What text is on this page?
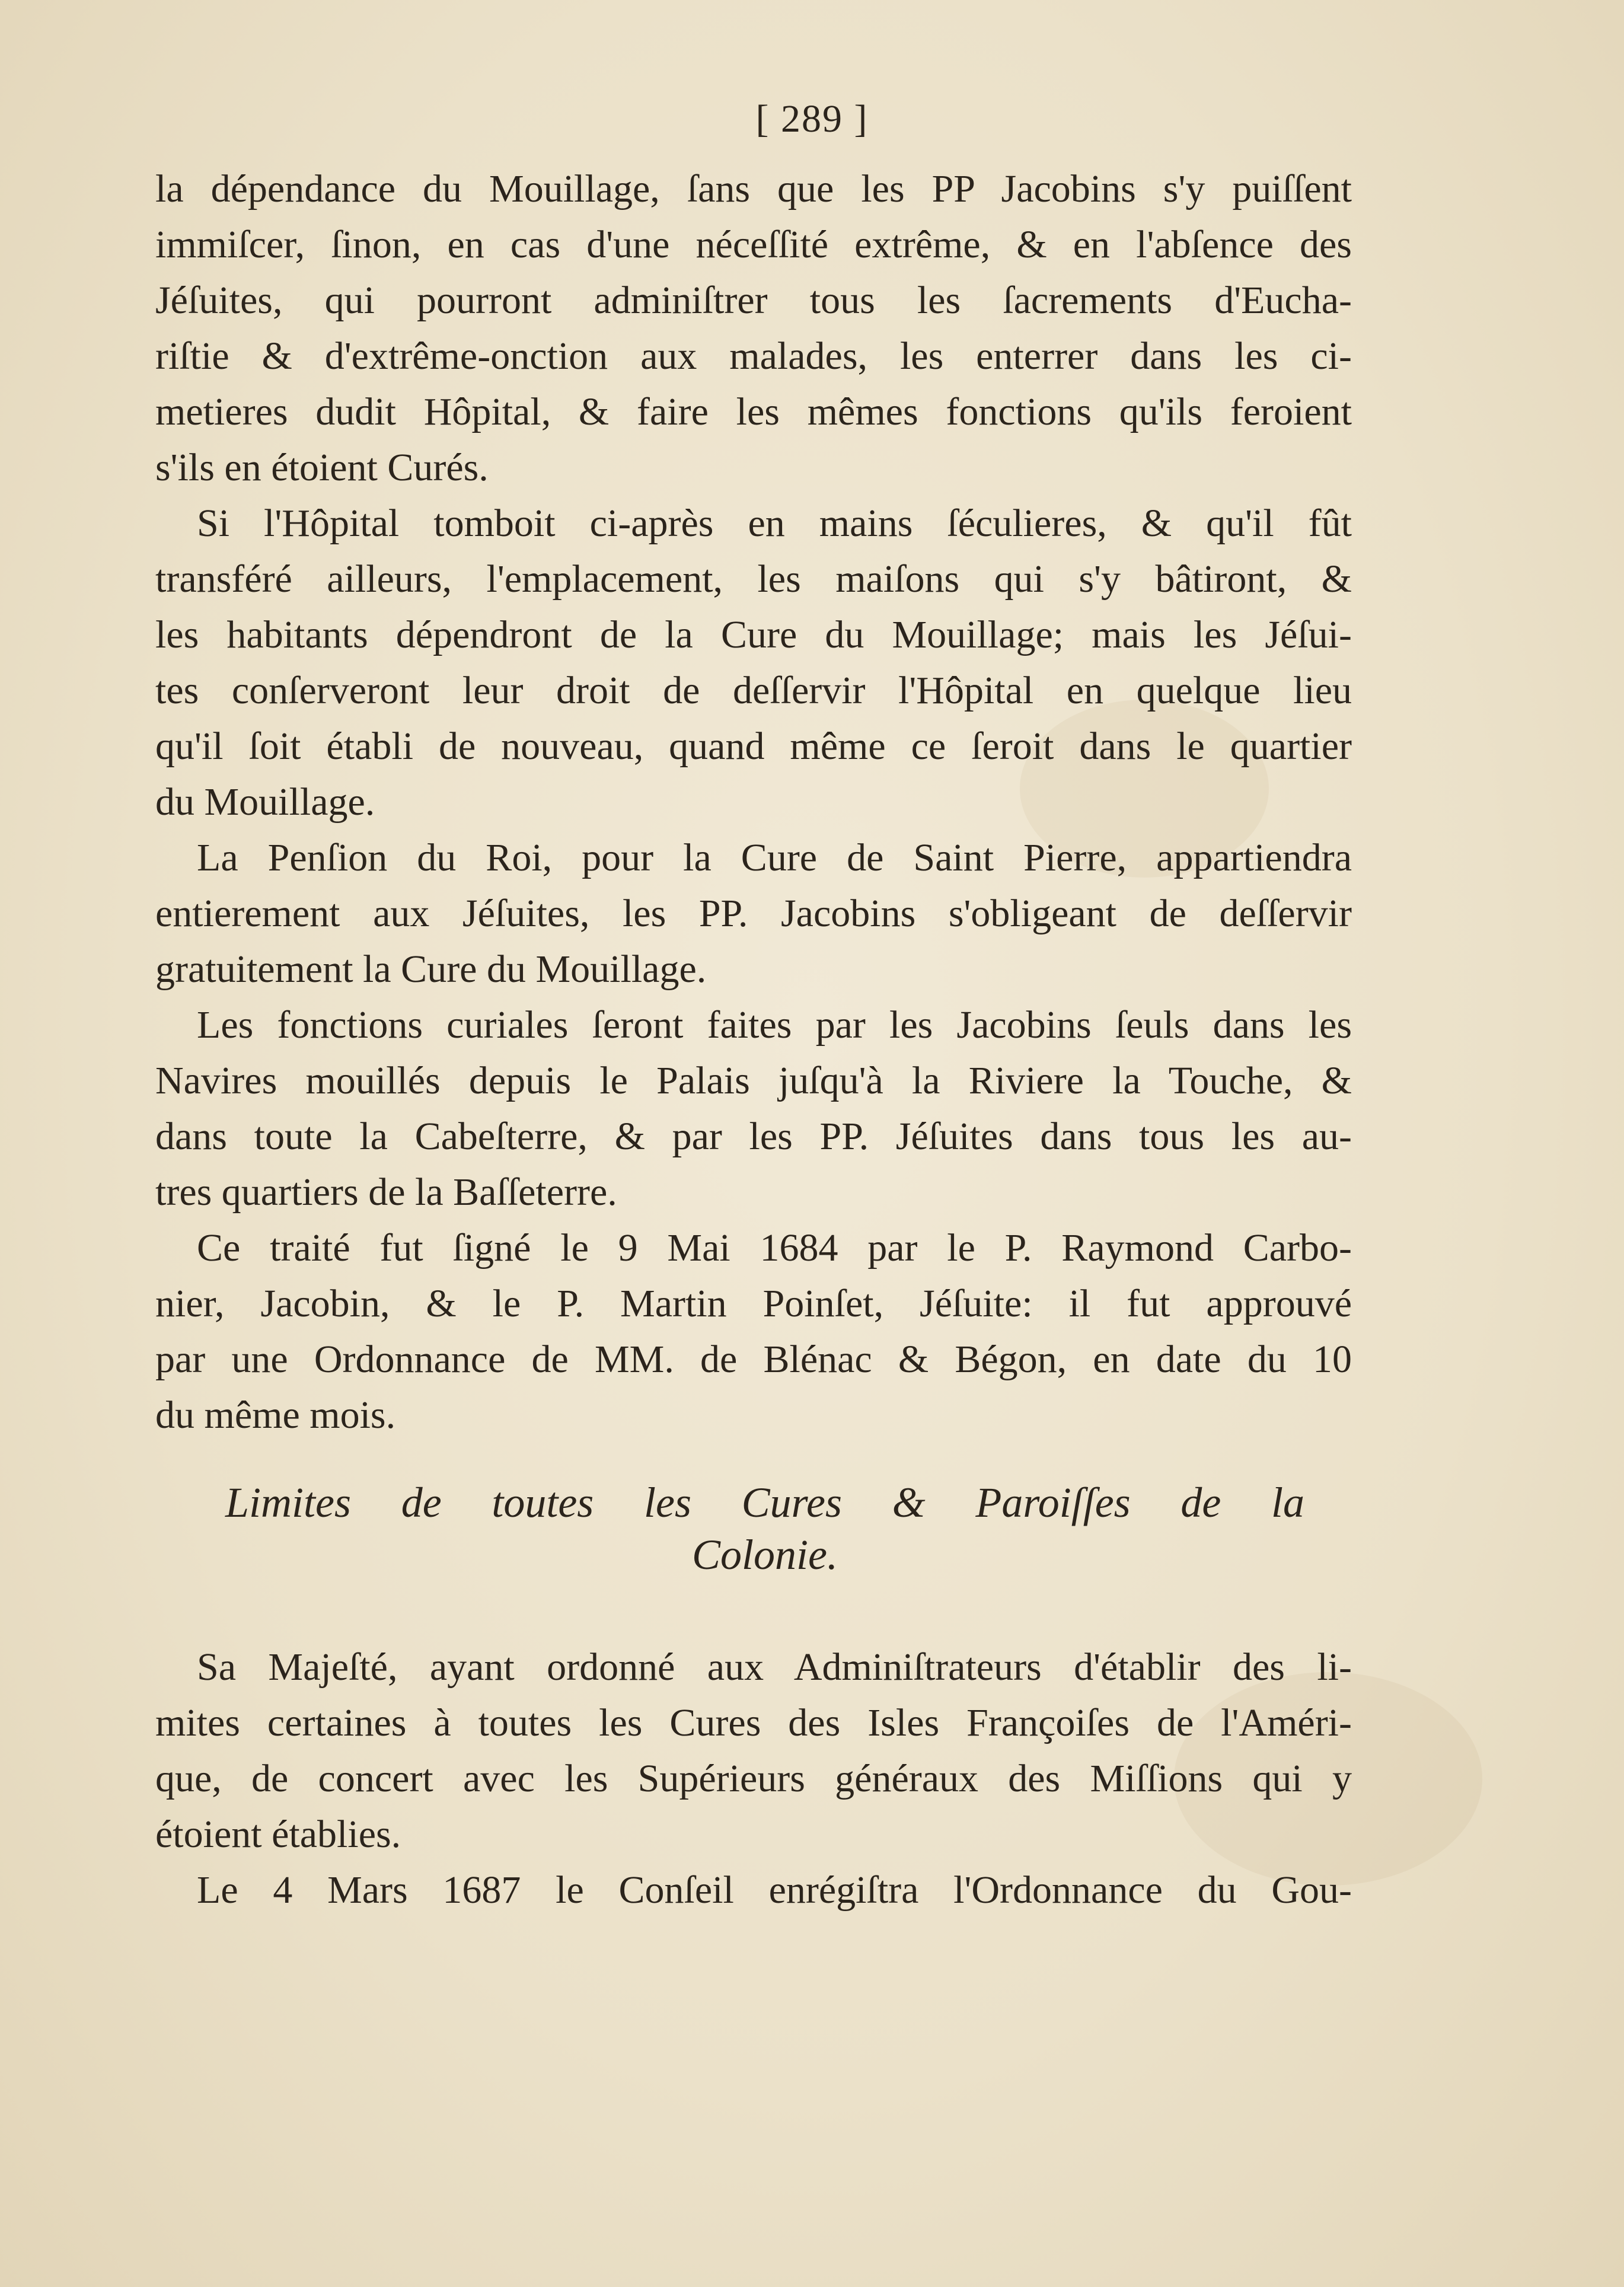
[ 289 ]
la dépendance du Mouillage, ſans que les PP Jacobins s'y puiſſent
immiſcer, ſinon, en cas d'une néceſſité extrême, & en l'abſence des
Jéſuites, qui pourront adminiſtrer tous les ſacrements d'Eucha-
riſtie & d'extrême-onction aux malades, les enterrer dans les ci-
metieres dudit Hôpital, & faire les mêmes fonctions qu'ils feroient
s'ils en étoient Curés.
Si l'Hôpital tomboit ci-après en mains ſéculieres, & qu'il fût
transféré ailleurs, l'emplacement, les maiſons qui s'y bâtiront, &
les habitants dépendront de la Cure du Mouillage; mais les Jéſui-
tes conſerveront leur droit de deſſervir l'Hôpital en quelque lieu
qu'il ſoit établi de nouveau, quand même ce ſeroit dans le quartier
du Mouillage.
La Penſion du Roi, pour la Cure de Saint Pierre, appartiendra
entierement aux Jéſuites, les PP. Jacobins s'obligeant de deſſervir
gratuitement la Cure du Mouillage.
Les fonctions curiales ſeront faites par les Jacobins ſeuls dans les
Navires mouillés depuis le Palais juſqu'à la Riviere la Touche, &
dans toute la Cabeſterre, & par les PP. Jéſuites dans tous les au-
tres quartiers de la Baſſeterre.
Ce traité fut ſigné le 9 Mai 1684 par le P. Raymond Carbo-
nier, Jacobin, & le P. Martin Poinſet, Jéſuite: il fut approuvé
par une Ordonnance de MM. de Blénac & Bégon, en date du 10
du même mois.
Limites de toutes les Cures & Paroiſſes de la
Colonie.
Sa Majeſté, ayant ordonné aux Adminiſtrateurs d'établir des li-
mites certaines à toutes les Cures des Isles Françoiſes de l'Améri-
que, de concert avec les Supérieurs généraux des Miſſions qui y
étoient établies.
Le 4 Mars 1687 le Conſeil enrégiſtra l'Ordonnance du Gou-
